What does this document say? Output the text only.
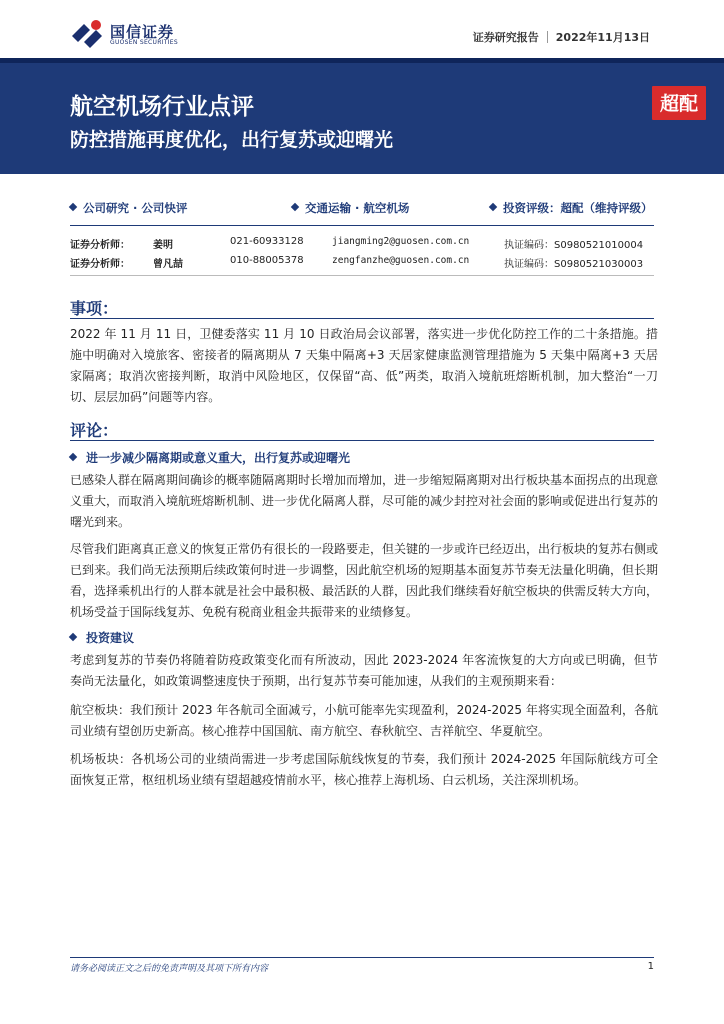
国信证券
GUOSEN SECURITIES	证券研究报告 2022年11月13日
航空机场行业点评
防控措施再度优化，出行复苏或迎曙光
超配
公司研究 · 公司快评	交通运输 · 航空机场	投资评级：超配（维持评级）
证券分析师： 姜明	021-60933128	jiangming2@guosen.com.cn	执证编码：S0980521010004
证券分析师： 曾凡喆	010-88005378	zengfanzhe@guosen.com.cn	执证编码：S0980521030003
事项：
2022 年 11 月 11 日，卫健委落实 11 月 10 日政治局会议部署，落实进一步优化防控工作的二十条措施。措施中明确对入境旅客、密接者的隔离期从 7 天集中隔离+3 天居家健康监测管理措施为 5 天集中隔离+3 天居家隔离；取消次密接判断，取消中风险地区，仅保留“高、低”两类，取消入境航班熔断机制，加大整治“一刀切、层层加码”问题等内容。
评论：
进一步减少隔离期或意义重大，出行复苏或迎曙光
已感染人群在隔离期间确诊的概率随隔离期时长增加而增加，进一步缩短隔离期对出行板块基本面拐点的出现意义重大，而取消入境航班熔断机制、进一步优化隔离人群，尽可能的减少封控对社会面的影响或促进出行复苏的曙光到来。
尽管我们距离真正意义的恢复正常仍有很长的一段路要走，但关键的一步或许已经迈出，出行板块的复苏右侧或已到来。我们尚无法预期后续政策何时进一步调整，因此航空机场的短期基本面复苏节奏无法量化明确，但长期看，选择乘机出行的人群本就是社会中最积极、最活跃的人群，因此我们继续看好航空板块的供需反转大方向，机场受益于国际线复苏、免税有税商业租金共振带来的业绩修复。
投资建议
考虑到复苏的节奏仍将随着防疫政策变化而有所波动，因此 2023-2024 年客流恢复的大方向或已明确，但节奏尚无法量化，如政策调整速度快于预期，出行复苏节奏可能加速，从我们的主观预期来看：
航空板块：我们预计 2023 年各航司全面减亏，小航可能率先实现盈利，2024-2025 年将实现全面盈利，各航司业绩有望创历史新高。核心推荐中国国航、南方航空、春秋航空、吉祥航空、华夏航空。
机场板块：各机场公司的业绩尚需进一步考虑国际航线恢复的节奏，我们预计 2024-2025 年国际航线方可全面恢复正常，枢纽机场业绩有望超越疫情前水平，核心推荐上海机场、白云机场，关注深圳机场。
请务必阅读正文之后的免责声明及其项下所有内容	1
